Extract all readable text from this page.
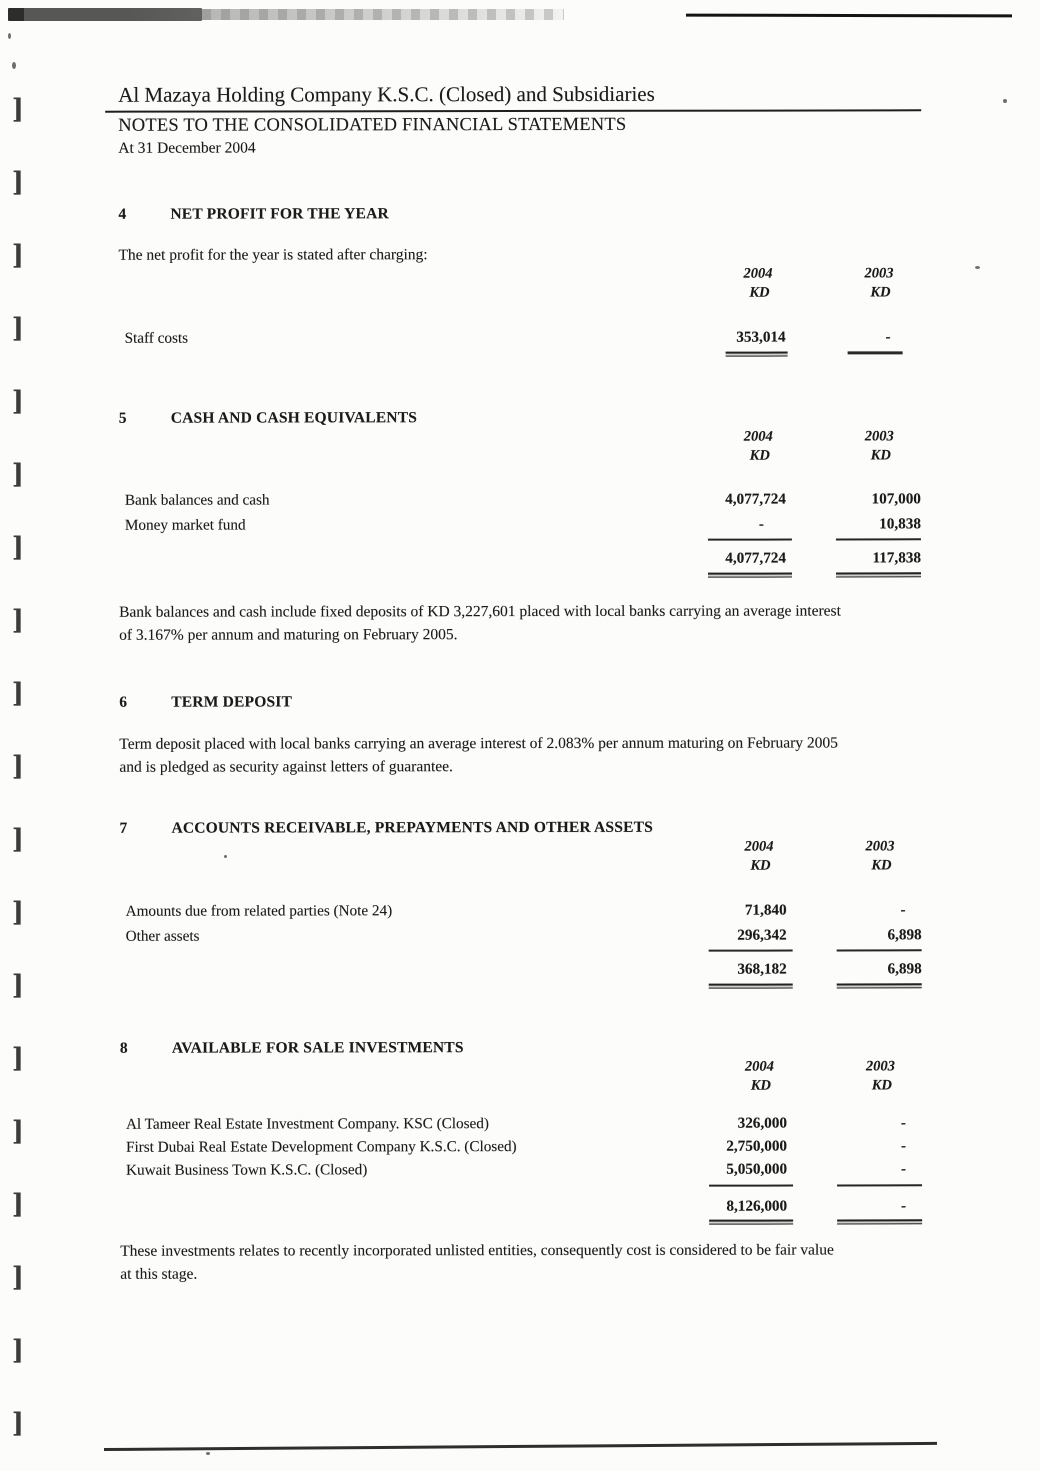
]
]
]
]
]
]
]
]
]
]
]
]
]
]
]
]
]
]
]
Al Mazaya Holding Company K.S.C. (Closed) and Subsidiaries
NOTES TO THE CONSOLIDATED FINANCIAL STATEMENTS
At 31 December 2004
4	NET PROFIT FOR THE YEAR
The net profit for the year is stated after charging:
2004	2003
KD	KD
Staff costs	353,014	-
5	CASH AND CASH EQUIVALENTS
2004	2003
KD	KD
Bank balances and cash	4,077,724	107,000
Money market fund	-	10,838
4,077,724	117,838
Bank balances and cash include fixed deposits of KD 3,227,601 placed with local banks carrying an average interest
of 3.167% per annum and maturing on February 2005.
6	TERM DEPOSIT
Term deposit placed with local banks carrying an average interest of 2.083% per annum maturing on February 2005
and is pledged as security against letters of guarantee.
7	ACCOUNTS RECEIVABLE, PREPAYMENTS AND OTHER ASSETS
2004	2003
KD	KD
Amounts due from related parties (Note 24)	71,840	-
Other assets	296,342	6,898
368,182	6,898
8	AVAILABLE FOR SALE INVESTMENTS
2004	2003
KD	KD
Al Tameer Real Estate Investment Company. KSC (Closed)	326,000	-
First Dubai Real Estate Development Company K.S.C. (Closed)	2,750,000	-
Kuwait Business Town K.S.C. (Closed)	5,050,000	-
8,126,000	-
These investments relates to recently incorporated unlisted entities, consequently cost is considered to be fair value
at this stage.
